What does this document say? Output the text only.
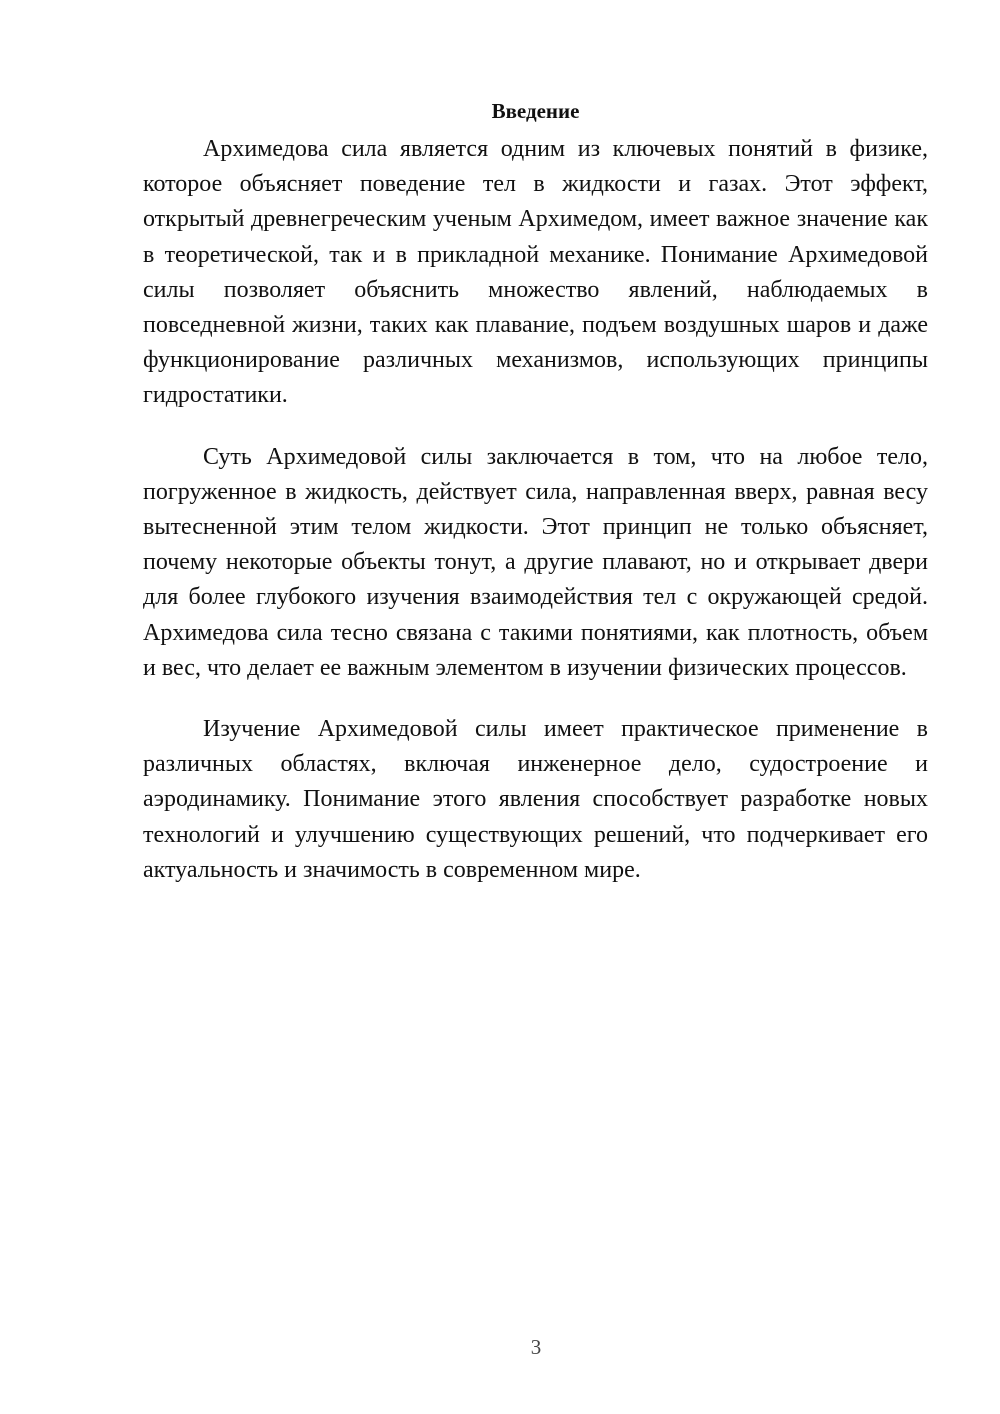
Введение

Архимедова сила является одним из ключевых понятий в физике, которое объясняет поведение тел в жидкости и газах. Этот эффект, открытый древнегреческим ученым Архимедом, имеет важное значение как в теоретической, так и в прикладной механике. Понимание Архимедовой силы позволяет объяснить множество явлений, наблюдаемых в повседневной жизни, таких как плавание, подъем воздушных шаров и даже функционирование различных механизмов, использующих принципы гидростатики.

Суть Архимедовой силы заключается в том, что на любое тело, погруженное в жидкость, действует сила, направленная вверх, равная весу вытесненной этим телом жидкости. Этот принцип не только объясняет, почему некоторые объекты тонут, а другие плавают, но и открывает двери для более глубокого изучения взаимодействия тел с окружающей средой. Архимедова сила тесно связана с такими понятиями, как плотность, объем и вес, что делает ее важным элементом в изучении физических процессов.

Изучение Архимедовой силы имеет практическое применение в различных областях, включая инженерное дело, судостроение и аэродинамику. Понимание этого явления способствует разработке новых технологий и улучшению существующих решений, что подчеркивает его актуальность и значимость в современном мире.

3
